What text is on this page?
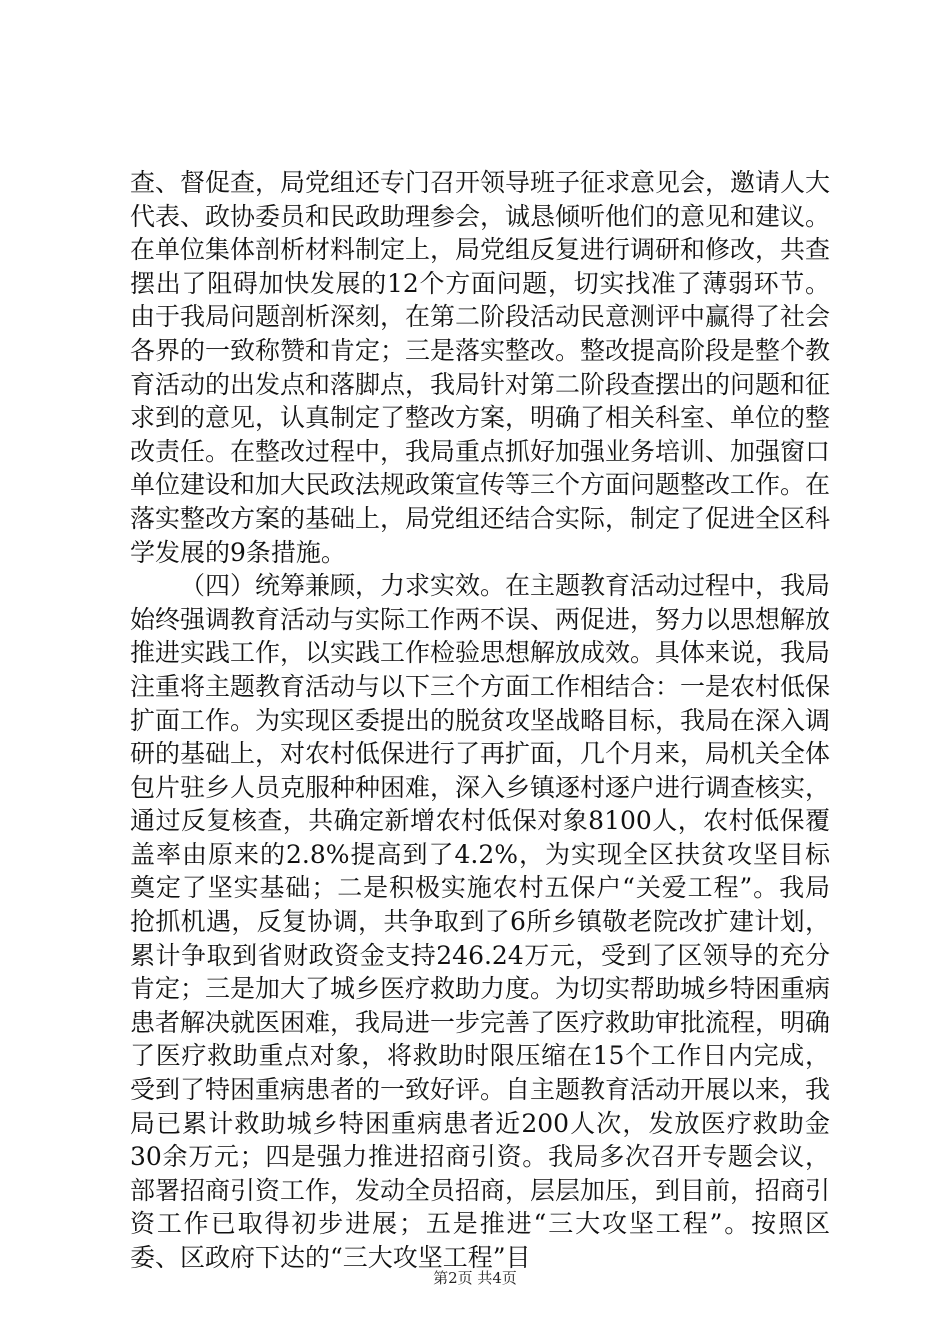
查、督促查，局党组还专门召开领导班子征求意见会，邀请人大代表、政协委员和民政助理参会，诚恳倾听他们的意见和建议。在单位集体剖析材料制定上，局党组反复进行调研和修改，共查摆出了阻碍加快发展的12个方面问题，切实找准了薄弱环节。由于我局问题剖析深刻，在第二阶段活动民意测评中赢得了社会各界的一致称赞和肯定；三是落实整改。整改提高阶段是整个教育活动的出发点和落脚点，我局针对第二阶段查摆出的问题和征求到的意见，认真制定了整改方案，明确了相关科室、单位的整改责任。在整改过程中，我局重点抓好加强业务培训、加强窗口单位建设和加大民政法规政策宣传等三个方面问题整改工作。在落实整改方案的基础上，局党组还结合实际，制定了促进全区科学发展的9条措施。

（四）统筹兼顾，力求实效。在主题教育活动过程中，我局始终强调教育活动与实际工作两不误、两促进，努力以思想解放推进实践工作，以实践工作检验思想解放成效。具体来说，我局注重将主题教育活动与以下三个方面工作相结合：一是农村低保扩面工作。为实现区委提出的脱贫攻坚战略目标，我局在深入调研的基础上，对农村低保进行了再扩面，几个月来，局机关全体包片驻乡人员克服种种困难，深入乡镇逐村逐户进行调查核实，通过反复核查，共确定新增农村低保对象8100人，农村低保覆盖率由原来的2.8%提高到了4.2%，为实现全区扶贫攻坚目标奠定了坚实基础；二是积极实施农村五保户“关爱工程”。我局抢抓机遇，反复协调，共争取到了6所乡镇敬老院改扩建计划，累计争取到省财政资金支持246.24万元，受到了区领导的充分肯定；三是加大了城乡医疗救助力度。为切实帮助城乡特困重病患者解决就医困难，我局进一步完善了医疗救助审批流程，明确了医疗救助重点对象，将救助时限压缩在15个工作日内完成，受到了特困重病患者的一致好评。自主题教育活动开展以来，我局已累计救助城乡特困重病患者近200人次，发放医疗救助金30余万元；四是强力推进招商引资。我局多次召开专题会议，部署招商引资工作，发动全员招商，层层加压，到目前，招商引资工作已取得初步进展；五是推进“三大攻坚工程”。按照区委、区政府下达的“三大攻坚工程”目

第2页 共4页
